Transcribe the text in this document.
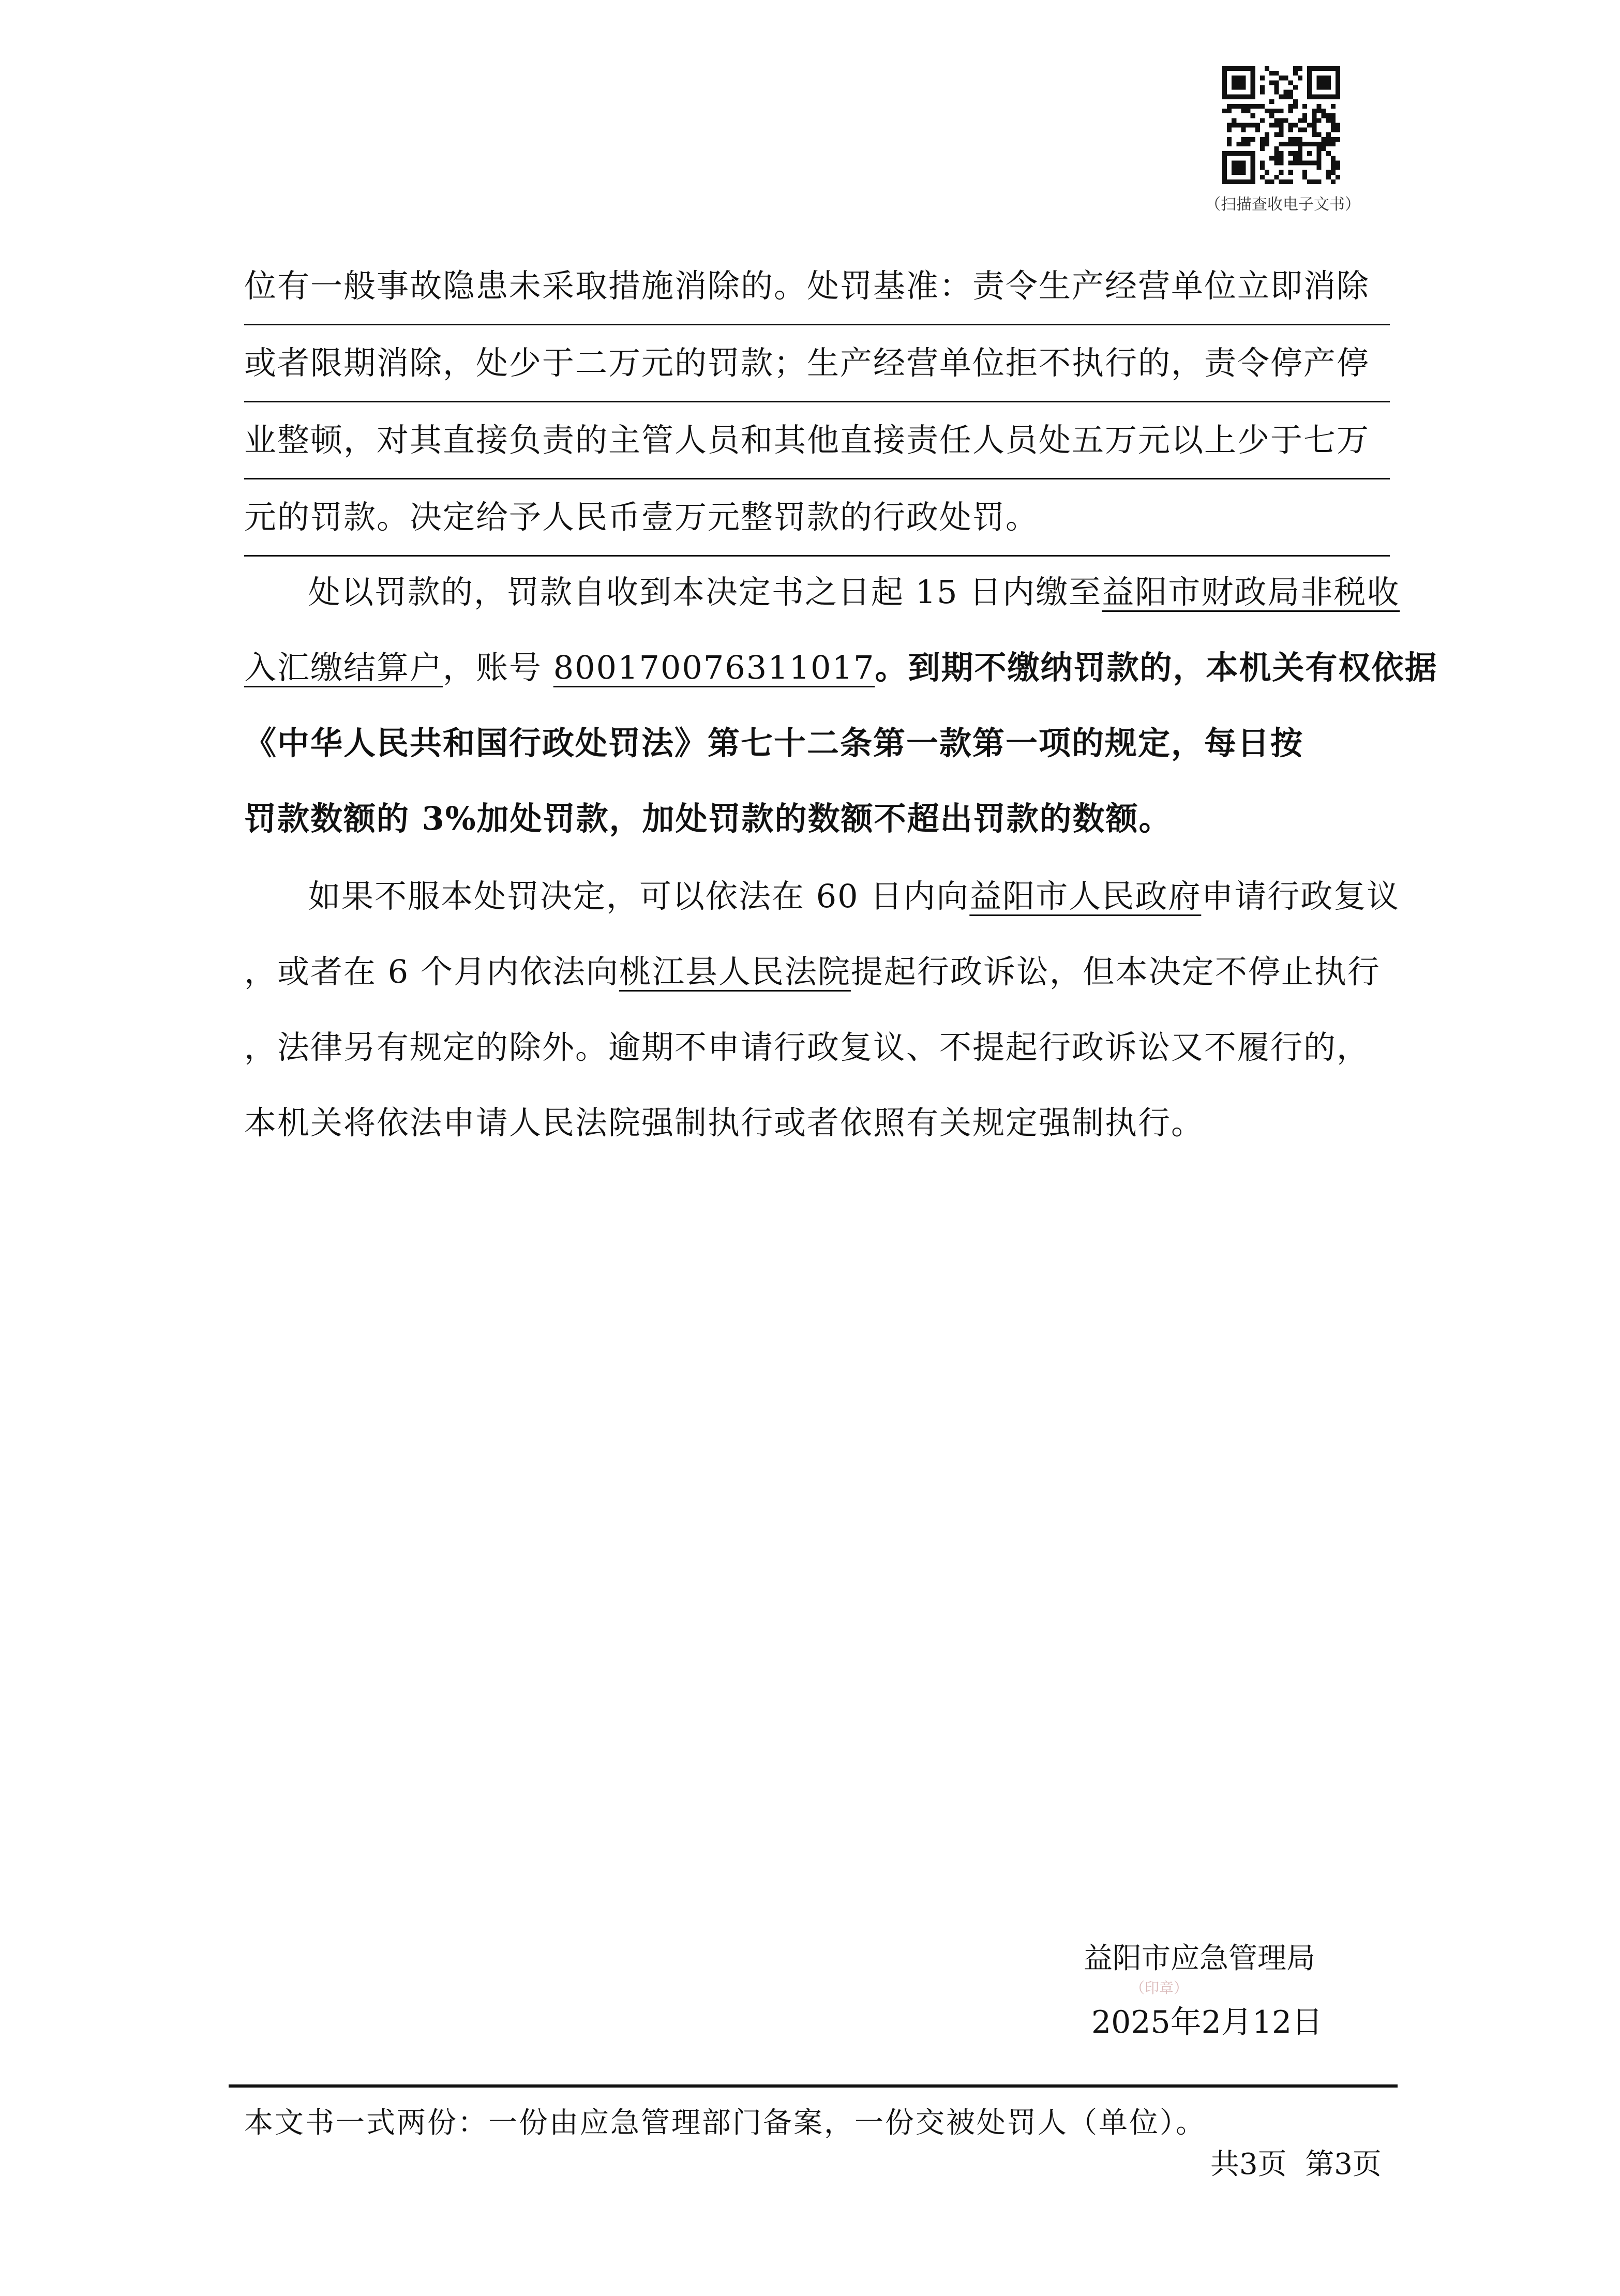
（扫描查收电子文书）
位有一般事故隐患未采取措施消除的。处罚基准：责令生产经营单位立即消除
或者限期消除，处少于二万元的罚款；生产经营单位拒不执行的，责令停产停
业整顿，对其直接负责的主管人员和其他直接责任人员处五万元以上少于七万
元的罚款。决定给予人民币壹万元整罚款的行政处罚。
处以罚款的，罚款自收到本决定书之日起 15 日内缴至益阳市财政局非税收
入汇缴结算户，账号 800170076311017。到期不缴纳罚款的，本机关有权依据
《中华人民共和国行政处罚法》第七十二条第一款第一项的规定，每日按
罚款数额的 3%加处罚款，加处罚款的数额不超出罚款的数额。
如果不服本处罚决定，可以依法在 60 日内向益阳市人民政府申请行政复议
，或者在 6 个月内依法向桃江县人民法院提起行政诉讼，但本决定不停止执行
，法律另有规定的除外。逾期不申请行政复议、不提起行政诉讼又不履行的，
本机关将依法申请人民法院强制执行或者依照有关规定强制执行。
益阳市应急管理局
（印章）
2025年2月12日
本文书一式两份：一份由应急管理部门备案，一份交被处罚人（单位）。
共3页  第3页
